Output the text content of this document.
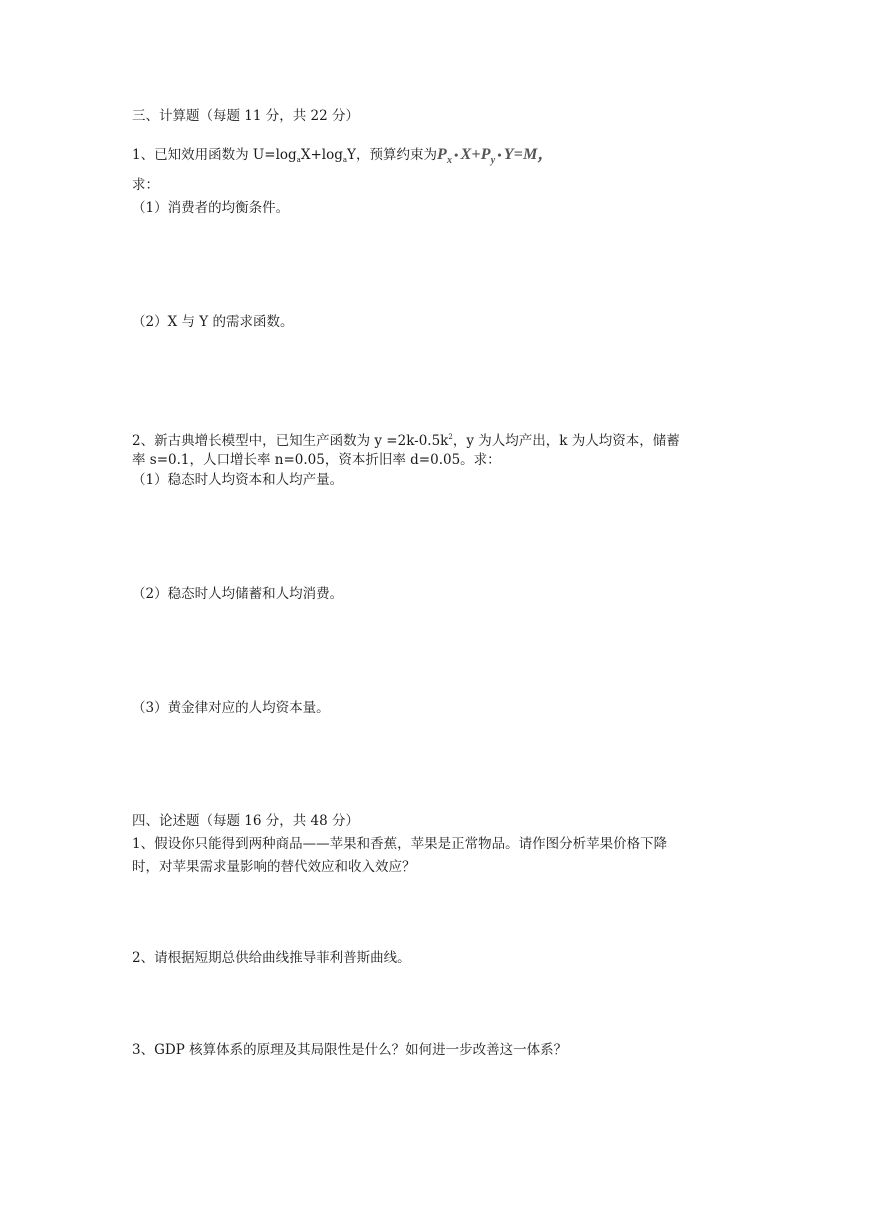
三、计算题（每题 11 分，共 22 分）
1、已知效用函数为 $U=\log_aX+\log_aY$，预算约束为$P_x$ • $X+P_y$ • Y=M，
求：
（1）消费者的均衡条件。
（2）X 与 Y 的需求函数。
2、新古典增长模型中，已知生产函数为 $y =2k-0.5k^2$，y 为人均产出，k 为人均资本，储蓄
率 s=0.1，人口增长率 n=0.05，资本折旧率 d=0.05。求：
（1）稳态时人均资本和人均产量。
（2）稳态时人均储蓄和人均消费。
（3）黄金律对应的人均资本量。
四、论述题（每题 16 分，共 48 分）
1、假设你只能得到两种商品——苹果和香蕉，苹果是正常物品。请作图分析苹果价格下降
时，对苹果需求量影响的替代效应和收入效应？
2、请根据短期总供给曲线推导菲利普斯曲线。
3、GDP 核算体系的原理及其局限性是什么？如何进一步改善这一体系？
